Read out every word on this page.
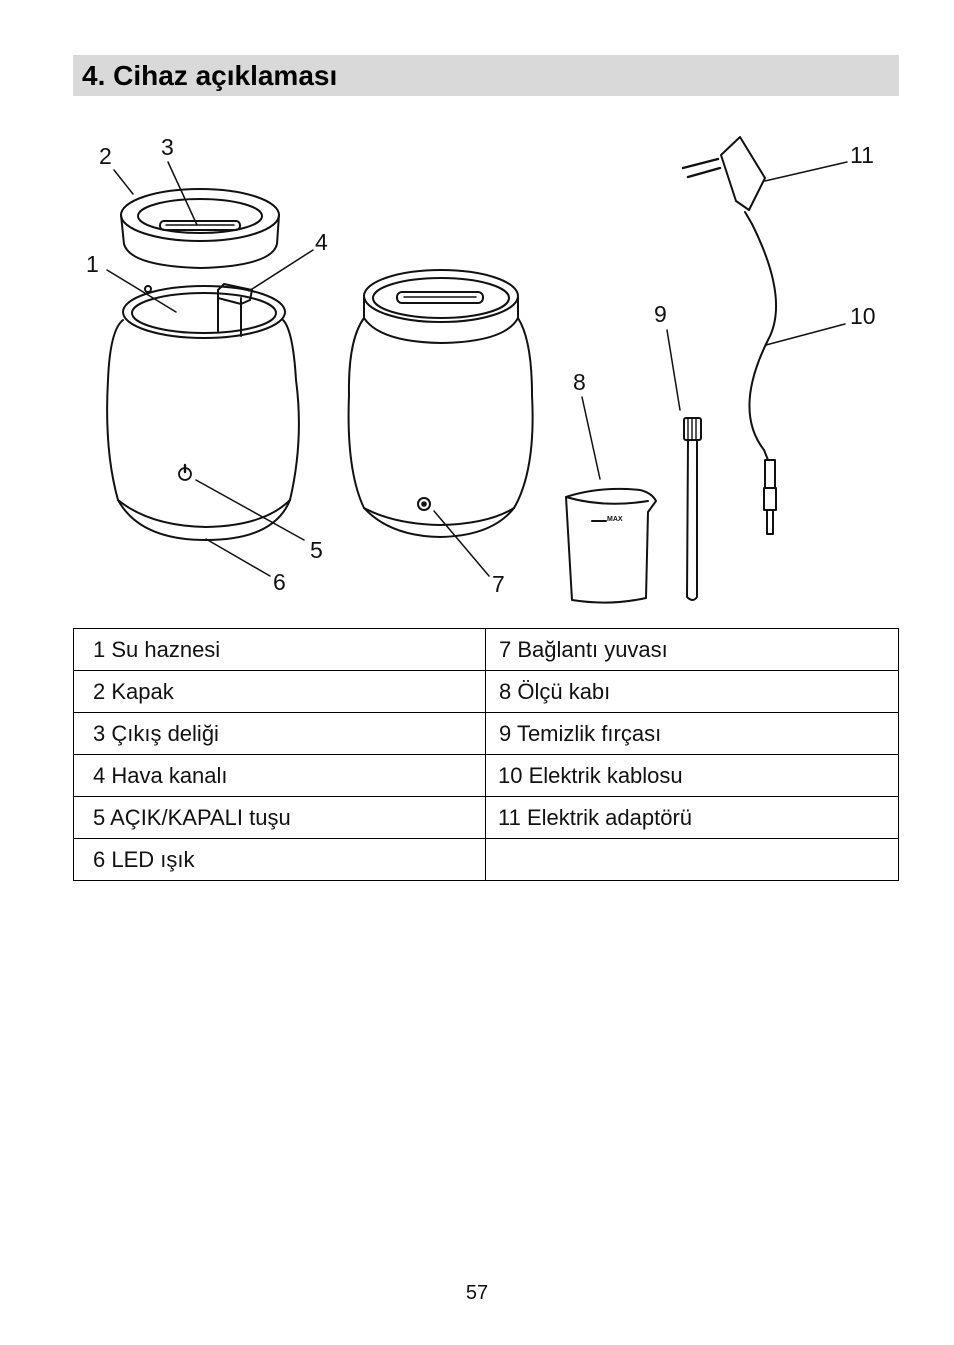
4. Cihaz açıklaması
1
2 3
4
5
6	7
8
9	10
11
MAX
1 Su haznesi	7 Bağlantı yuvası
2 Kapak	8 Ölçü kabı
3 Çıkış deliği	9 Temizlik fırçası
4 Hava kanalı	10 Elektrik kablosu
5 AÇIK/KAPALI tuşu	11 Elektrik adaptörü
6 LED ışık	
57
